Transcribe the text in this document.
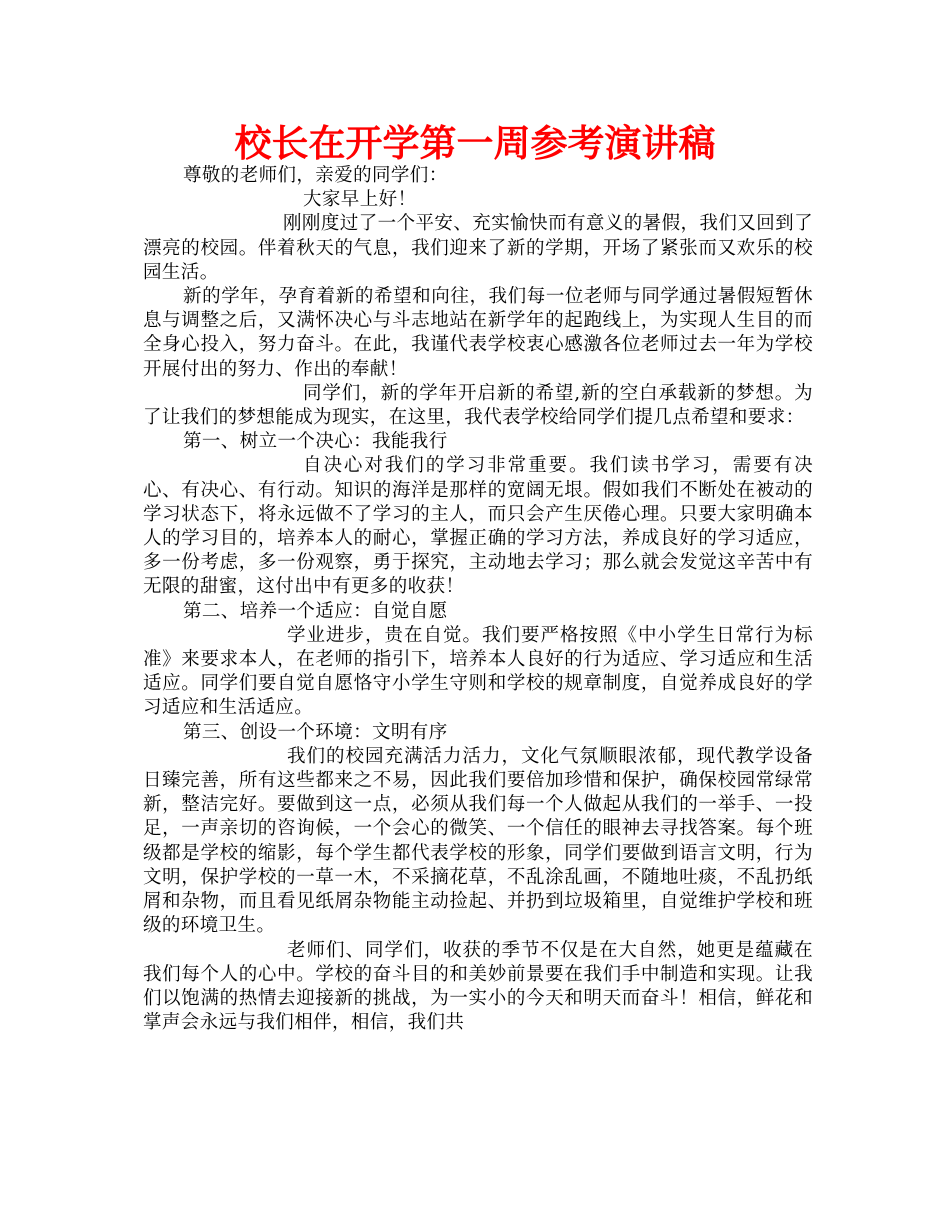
校长在开学第一周参考演讲稿

尊敬的老师们，亲爱的同学们：

大家早上好！

刚刚度过了一个平安、充实愉快而有意义的暑假，我们又回到了漂亮的校园。伴着秋天的气息，我们迎来了新的学期，开场了紧张而又欢乐的校园生活。

新的学年，孕育着新的希望和向往，我们每一位老师与同学通过暑假短暂休息与调整之后，又满怀决心与斗志地站在新学年的起跑线上，为实现人生目的而全身心投入，努力奋斗。在此，我谨代表学校衷心感激各位老师过去一年为学校开展付出的努力、作出的奉献！

同学们，新的学年开启新的希望,新的空白承载新的梦想。为了让我们的梦想能成为现实，在这里，我代表学校给同学们提几点希望和要求：

第一、树立一个决心：我能我行

自决心对我们的学习非常重要。我们读书学习，需要有决心、有决心、有行动。知识的海洋是那样的宽阔无垠。假如我们不断处在被动的学习状态下，将永远做不了学习的主人，而只会产生厌倦心理。只要大家明确本人的学习目的，培养本人的耐心，掌握正确的学习方法，养成良好的学习适应，多一份考虑，多一份观察，勇于探究，主动地去学习；那么就会发觉这辛苦中有无限的甜蜜，这付出中有更多的收获！

第二、培养一个适应：自觉自愿

学业进步，贵在自觉。我们要严格按照《中小学生日常行为标准》来要求本人，在老师的指引下，培养本人良好的行为适应、学习适应和生活适应。同学们要自觉自愿恪守小学生守则和学校的规章制度，自觉养成良好的学习适应和生活适应。

第三、创设一个环境：文明有序

我们的校园充满活力活力，文化气氛顺眼浓郁，现代教学设备日臻完善，所有这些都来之不易，因此我们要倍加珍惜和保护，确保校园常绿常新，整洁完好。要做到这一点，必须从我们每一个人做起从我们的一举手、一投足，一声亲切的咨询候，一个会心的微笑、一个信任的眼神去寻找答案。每个班级都是学校的缩影，每个学生都代表学校的形象，同学们要做到语言文明，行为文明，保护学校的一草一木，不采摘花草，不乱涂乱画，不随地吐痰，不乱扔纸屑和杂物，而且看见纸屑杂物能主动捡起、并扔到垃圾箱里，自觉维护学校和班级的环境卫生。

老师们、同学们，收获的季节不仅是在大自然，她更是蕴藏在我们每个人的心中。学校的奋斗目的和美妙前景要在我们手中制造和实现。让我们以饱满的热情去迎接新的挑战，为一实小的今天和明天而奋斗！相信，鲜花和掌声会永远与我们相伴，相信，我们共
